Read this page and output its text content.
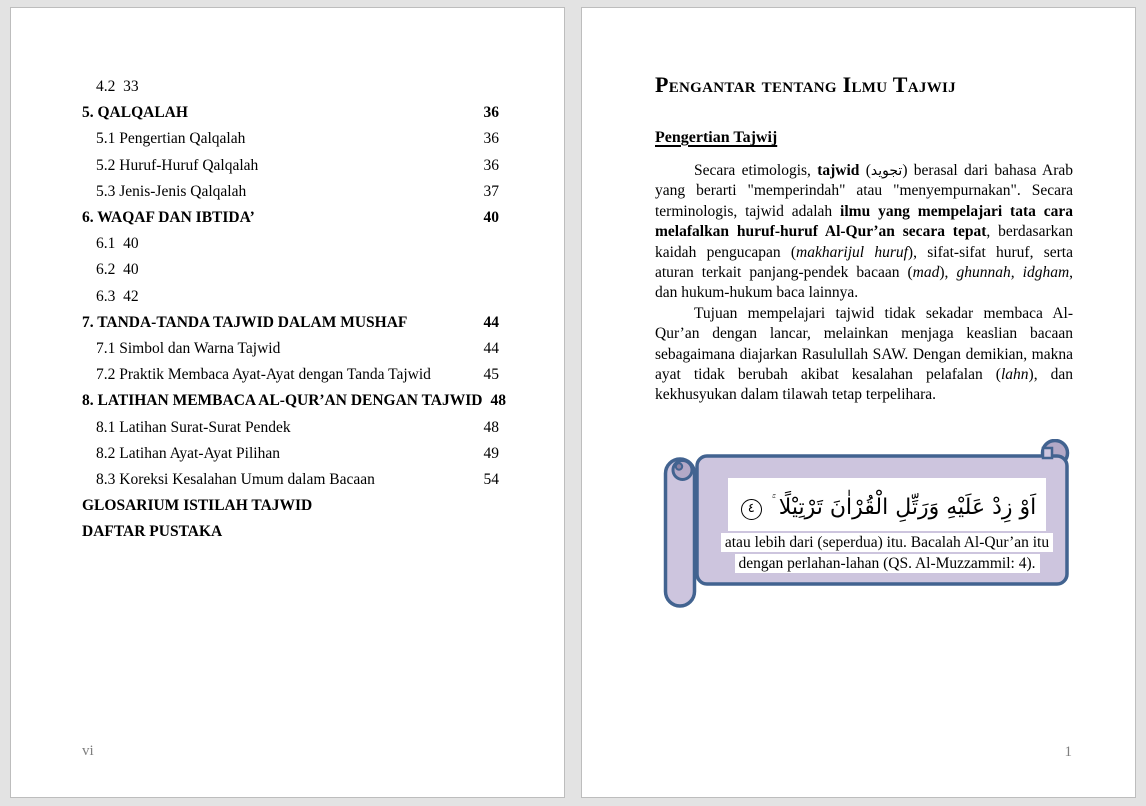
4.2  33
5. QALQALAH	36
5.1 Pengertian Qalqalah	36
5.2 Huruf-Huruf Qalqalah	36
5.3 Jenis-Jenis Qalqalah	37
6. WAQAF DAN IBTIDA’	40
6.1  40
6.2  40
6.3  42
7. TANDA-TANDA TAJWID DALAM MUSHAF	44
7.1 Simbol dan Warna Tajwid	44
7.2 Praktik Membaca Ayat-Ayat dengan Tanda Tajwid	45
8. LATIHAN MEMBACA AL-QUR’AN DENGAN TAJWID 48
8.1 Latihan Surat-Surat Pendek	48
8.2 Latihan Ayat-Ayat Pilihan	49
8.3 Koreksi Kesalahan Umum dalam Bacaan	54
GLOSARIUM ISTILAH TAJWID
DAFTAR PUSTAKA
vi
Pengantar tentang Ilmu Tajwij
Pengertian Tajwij

Secara etimologis, tajwid (تجويد) berasal dari bahasa Arab yang berarti "memperindah" atau "menyempurnakan". Secara terminologis, tajwid adalah ilmu yang mempelajari tata cara melafalkan huruf-huruf Al-Qur’an secara tepat, berdasarkan kaidah pengucapan (makharijul huruf), sifat-sifat huruf, serta aturan terkait panjang-pendek bacaan (mad), ghunnah, idgham, dan hukum-hukum baca lainnya.

Tujuan mempelajari tajwid tidak sekadar membaca Al-Qur’an dengan lancar, melainkan menjaga keaslian bacaan sebagaimana diajarkan Rasulullah SAW. Dengan demikian, makna ayat tidak berubah akibat kesalahan pelafalan (lahn), dan kekhusyukan dalam tilawah tetap terpelihara.

اَوْ زِدْ عَلَيْهِ وَرَتِّلِ الْقُرْاٰنَ تَرْتِيْلًا ٤
atau lebih dari (seperdua) itu. Bacalah Al-Qur’an itu
dengan perlahan-lahan (QS. Al-Muzzammil: 4).
1
